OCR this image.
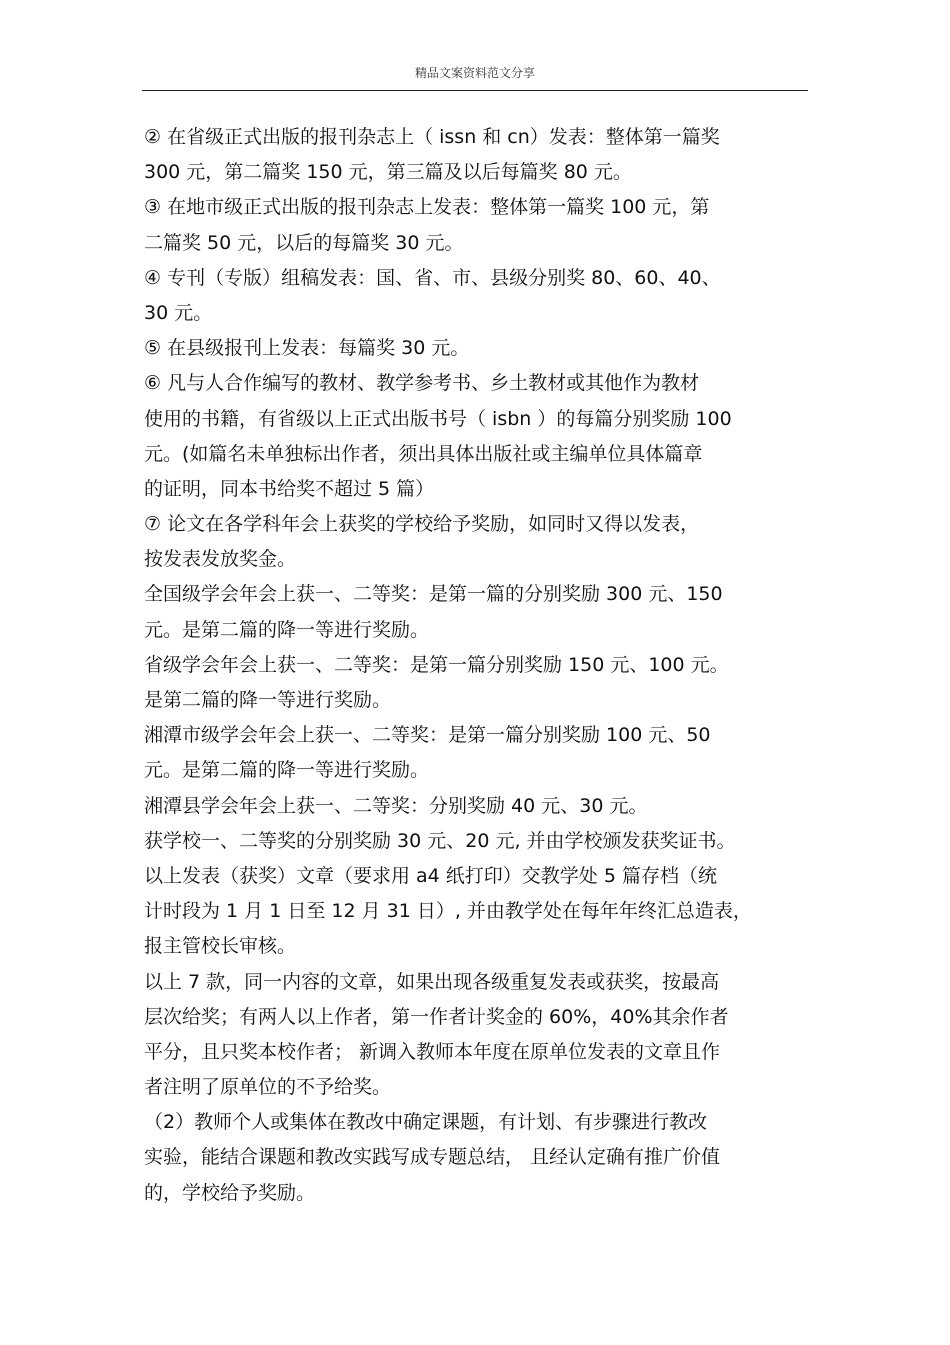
精品文案资料范文分享
② 在省级正式出版的报刊杂志上（ issn 和 cn）发表：整体第一篇奖
300 元，第二篇奖 150 元，第三篇及以后每篇奖 80 元。
③ 在地市级正式出版的报刊杂志上发表：整体第一篇奖 100 元，第
二篇奖 50 元，以后的每篇奖 30 元。
④ 专刊（专版）组稿发表：国、省、市、县级分别奖 80、60、40、
30 元。
⑤ 在县级报刊上发表：每篇奖 30 元。
⑥ 凡与人合作编写的教材、教学参考书、乡土教材或其他作为教材
使用的书籍，有省级以上正式出版书号（ isbn ）的每篇分别奖励 100
元。(如篇名未单独标出作者，须出具体出版社或主编单位具体篇章
的证明，同本书给奖不超过 5 篇）
⑦ 论文在各学科年会上获奖的学校给予奖励，如同时又得以发表，
按发表发放奖金。
全国级学会年会上获一、二等奖：是第一篇的分别奖励 300 元、150
元。是第二篇的降一等进行奖励。
省级学会年会上获一、二等奖：是第一篇分别奖励 150 元、100 元。
是第二篇的降一等进行奖励。
湘潭市级学会年会上获一、二等奖：是第一篇分别奖励 100 元、50
元。是第二篇的降一等进行奖励。
湘潭县学会年会上获一、二等奖：分别奖励 40 元、30 元。
获学校一、二等奖的分别奖励 30 元、20 元, 并由学校颁发获奖证书。
以上发表（获奖）文章（要求用 a4 纸打印）交教学处 5 篇存档（统
计时段为 1 月 1 日至 12 月 31 日）, 并由教学处在每年年终汇总造表，
报主管校长审核。
以上 7 款，同一内容的文章，如果出现各级重复发表或获奖，按最高
层次给奖；有两人以上作者，第一作者计奖金的 60%，40%其余作者
平分，且只奖本校作者； 新调入教师本年度在原单位发表的文章且作
者注明了原单位的不予给奖。
（2）教师个人或集体在教改中确定课题，有计划、有步骤进行教改
实验，能结合课题和教改实践写成专题总结， 且经认定确有推广价值
的，学校给予奖励。
